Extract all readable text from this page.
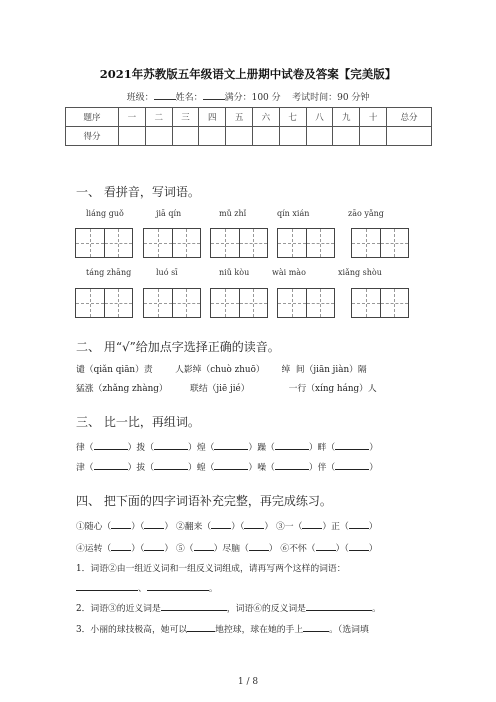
2021年苏教版五年级语文上册期中试卷及答案【完美版】
班级： 姓名： 满分：100 分 考试时间：90 分钟
题序	一	二	三	四	五	六	七	八	九	十	总分
得分											
一、 看拼音，写词语。
liáng guǒ	jiā qín	mǔ zhǐ	qín xián	zāo yǎng
táng zhāng	luó sī	niǔ kòu	wài mào	xiǎng shòu
二、 用“√”给加点字选择正确的读音。
谴（qiǎn qiān）责        人影绰（chuò zhuō）      绰  间（jiān jiàn）隔
猛涨（zhǎng zhàng）        联结（jiē jié）              一行（xíng háng）人
三、 比一比，再组词。
律（	）拨（	）煌（	）躁（	）畔（	）
津（	）拔（	）蝗（	）噪（	）伴（	）
四、 把下面的四字词语补充完整，再完成练习。
①随心（ ）（ ） ②翻来（ ）（ ） ③一（ ）正（ ）
④运转（ ）（ ） ⑤（ ）尽脑（ ） ⑥不怀（ ）（ ）
1．词语②由一组近义词和一组反义词组成，请再写两个这样的词语：
、	。
2．词语③的近义词是	，词语⑥的反义词是	。
3．小丽的球技极高，她可以	地控球，球在她的手上	。（选词填
1 / 8
